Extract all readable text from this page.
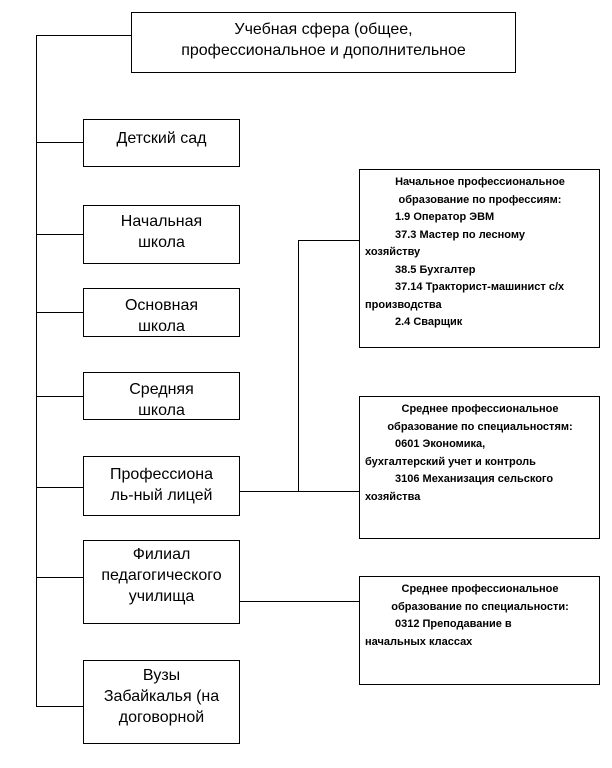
Учебная сфера (общее,
профессиональное и дополнительное
Детский сад
Начальная
школа
Основная
школа
Средняя
школа
Профессиона
ль-ный лицей
Филиал
педагогического
училища
Вузы
Забайкалья (на
договорной
Начальное профессиональное
образование по профессиям:
1.9 Оператор ЭВМ
37.3 Мастер по лесному
хозяйству
38.5 Бухгалтер
37.14 Тракторист-машинист с/х
производства
2.4 Сварщик
Среднее профессиональное
образование по специальностям:
0601 Экономика,
бухгалтерский учет и контроль
3106 Механизация сельского
хозяйства
Среднее профессиональное
образование по специальности:
0312 Преподавание в
начальных классах
